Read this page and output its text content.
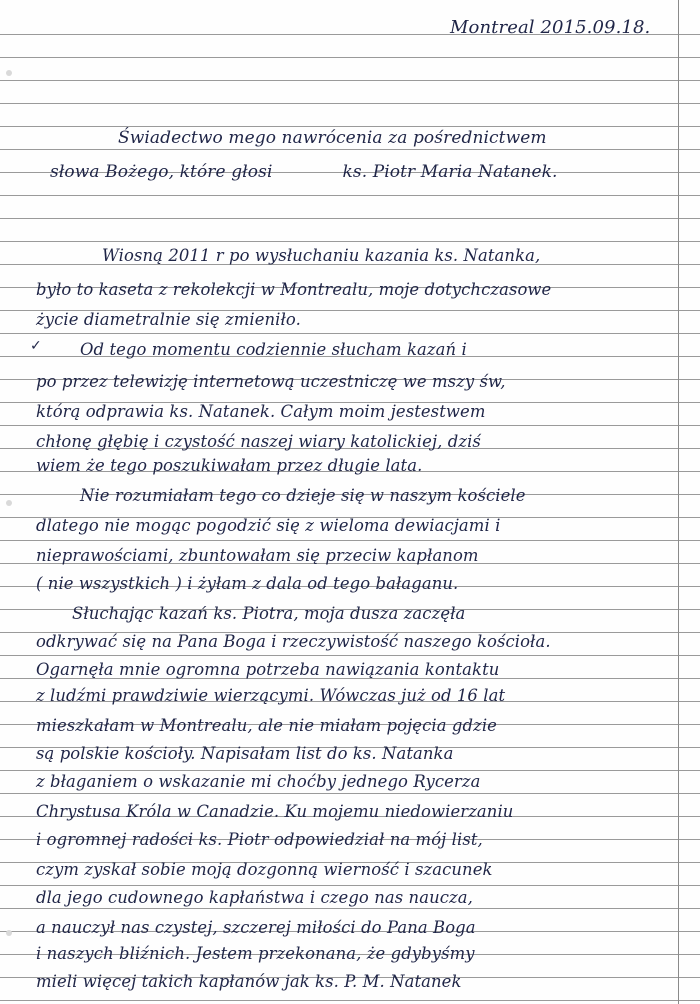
Montreal 2015.09.18.
Świadectwo mego nawrócenia za pośrednictwem
słowa Bożego, które głosi	ks. Piotr Maria Natanek.
✓
Wiosną 2011 r po wysłuchaniu kazania ks. Natanka,
było to kaseta z rekolekcji w Montrealu, moje dotychczasowe
życie diametralnie się zmieniło.
Od tego momentu codziennie słucham kazań i
po przez telewizję internetową uczestniczę we mszy św,
którą odprawia ks. Natanek. Całym moim jestestwem
chłonę głębię i czystość naszej wiary katolickiej, dziś
wiem że tego poszukiwałam przez długie lata.
Nie rozumiałam tego co dzieje się w naszym kościele
dlatego nie mogąc pogodzić się z wieloma dewiacjami i
nieprawościami, zbuntowałam się przeciw kapłanom
( nie wszystkich ) i żyłam z dala od tego bałaganu.
Słuchając kazań ks. Piotra, moja dusza zaczęła
odkrywać się na Pana Boga i rzeczywistość naszego kościoła.
Ogarnęła mnie ogromna potrzeba nawiązania kontaktu
z ludźmi prawdziwie wierzącymi. Wówczas już od 16 lat
mieszkałam w Montrealu, ale nie miałam pojęcia gdzie
są polskie kościoły. Napisałam list do ks. Natanka
z błaganiem o wskazanie mi choćby jednego Rycerza
Chrystusa Króla w Canadzie. Ku mojemu niedowierzaniu
i ogromnej radości ks. Piotr odpowiedział na mój list,
czym zyskał sobie moją dozgonną wierność i szacunek
dla jego cudownego kapłaństwa i czego nas naucza,
a nauczył nas czystej, szczerej miłości do Pana Boga
i naszych bliźnich. Jestem przekonana, że gdybyśmy
mieli więcej takich kapłanów jak ks. P. M. Natanek
